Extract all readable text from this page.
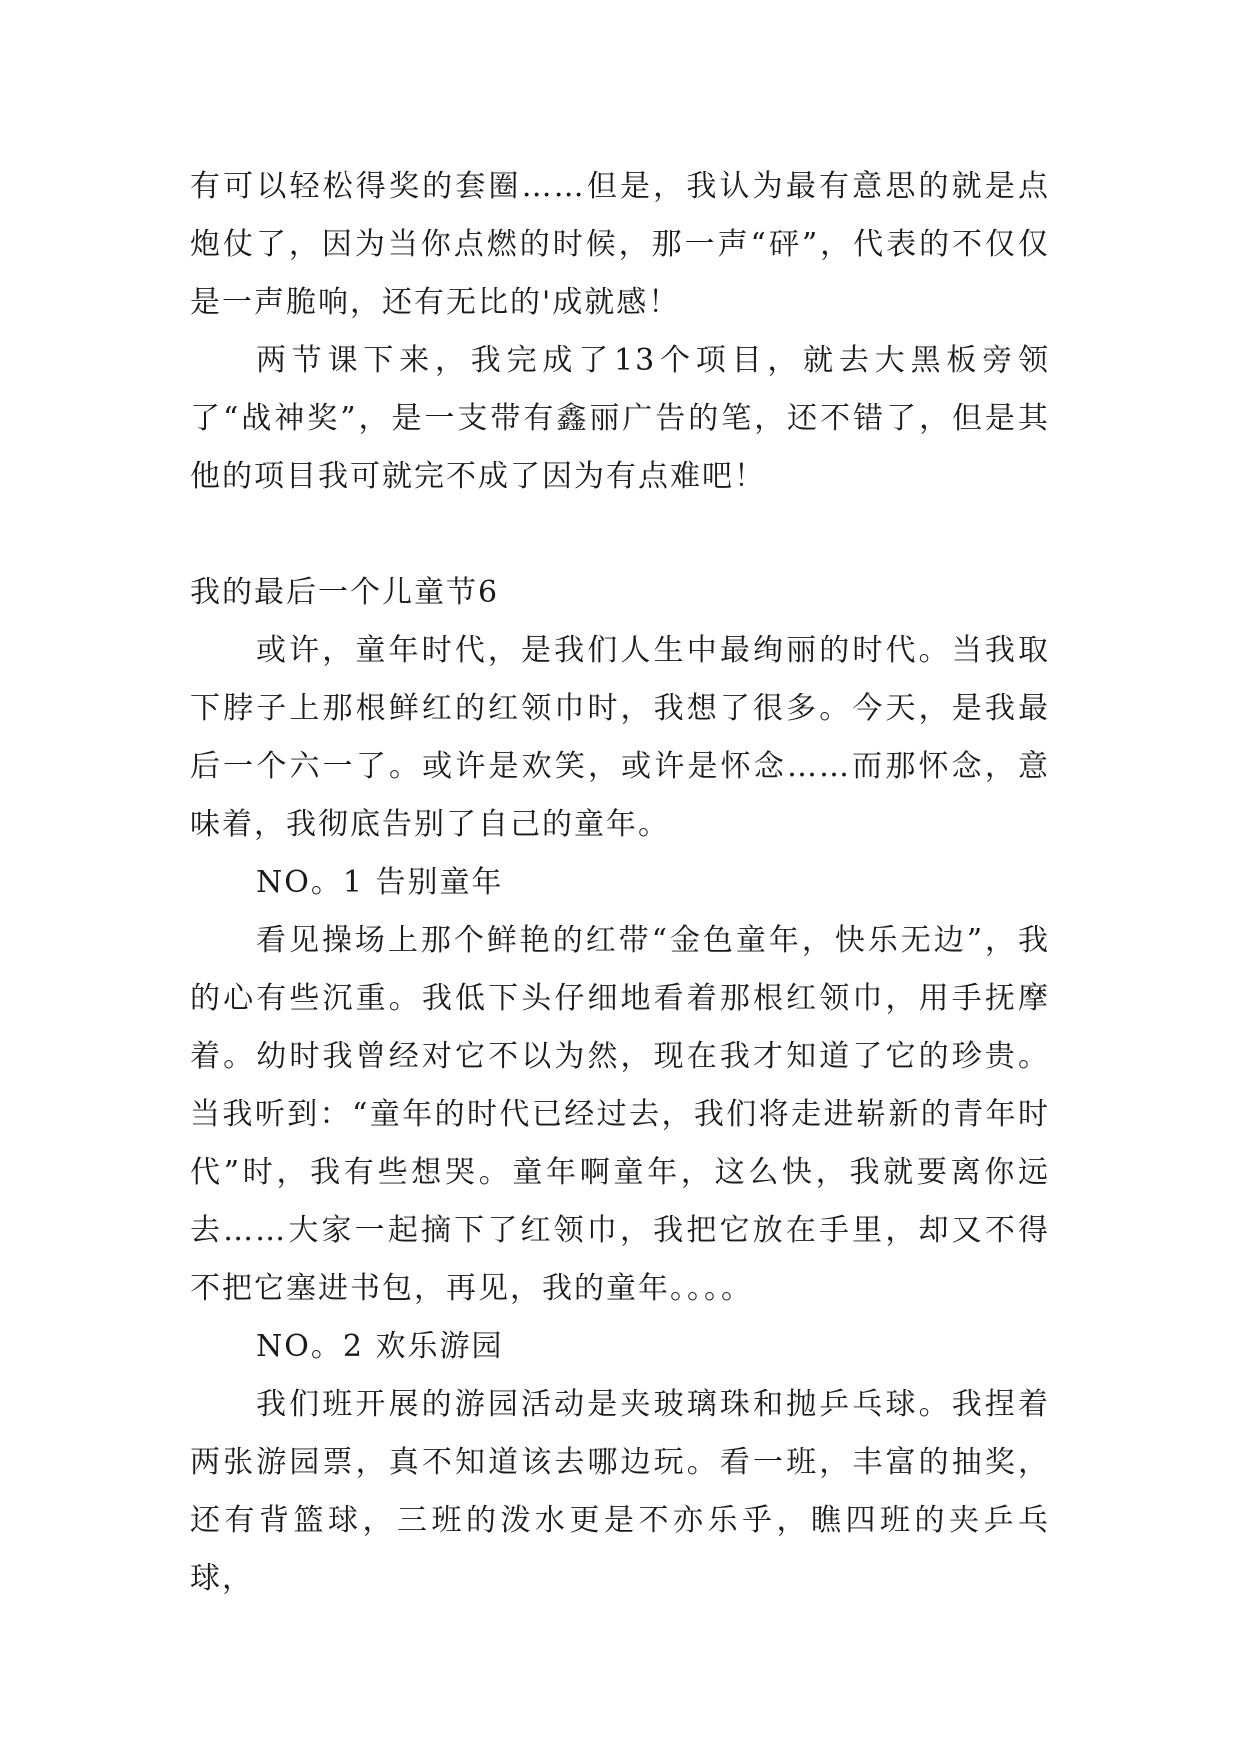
有可以轻松得奖的套圈……但是，我认为最有意思的就是点炮仗了，因为当你点燃的时候，那一声“砰”，代表的不仅仅是一声脆响，还有无比的'成就感！

两节课下来，我完成了13个项目，就去大黑板旁领了“战神奖”，是一支带有鑫丽广告的笔，还不错了，但是其他的项目我可就完不成了因为有点难吧！

我的最后一个儿童节6

或许，童年时代，是我们人生中最绚丽的时代。当我取下脖子上那根鲜红的红领巾时，我想了很多。今天，是我最后一个六一了。或许是欢笑，或许是怀念……而那怀念，意味着，我彻底告别了自己的童年。

NO。1 告别童年

看见操场上那个鲜艳的红带“金色童年，快乐无边”，我的心有些沉重。我低下头仔细地看着那根红领巾，用手抚摩着。幼时我曾经对它不以为然，现在我才知道了它的珍贵。当我听到：“童年的时代已经过去，我们将走进崭新的青年时代”时，我有些想哭。童年啊童年，这么快，我就要离你远去……大家一起摘下了红领巾，我把它放在手里，却又不得不把它塞进书包，再见，我的童年。。。。

NO。2 欢乐游园

我们班开展的游园活动是夹玻璃珠和抛乒乓球。我捏着两张游园票，真不知道该去哪边玩。看一班，丰富的抽奖，还有背篮球，三班的泼水更是不亦乐乎，瞧四班的夹乒乓球，
